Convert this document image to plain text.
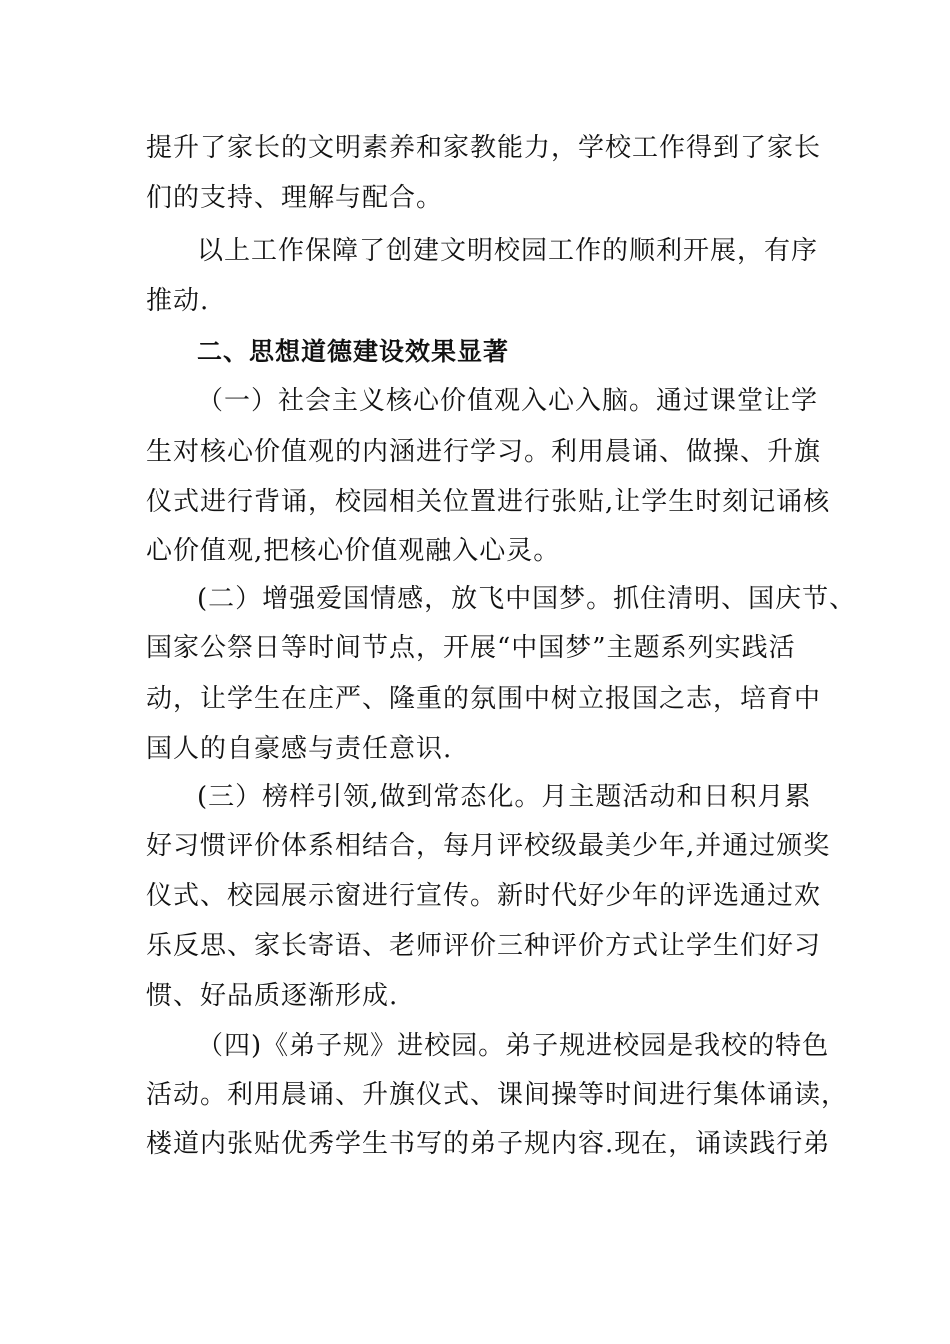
提升了家长的文明素养和家教能力，学校工作得到了家长
们的支持、理解与配合。
以上工作保障了创建文明校园工作的顺利开展，有序
推动.
二、思想道德建设效果显著
（一）社会主义核心价值观入心入脑。通过课堂让学
生对核心价值观的内涵进行学习。利用晨诵、做操、升旗
仪式进行背诵，校园相关位置进行张贴,让学生时刻记诵核
心价值观,把核心价值观融入心灵。
(二）增强爱国情感，放飞中国梦。抓住清明、国庆节、
国家公祭日等时间节点，开展“中国梦”主题系列实践活
动，让学生在庄严、隆重的氛围中树立报国之志，培育中
国人的自豪感与责任意识.
(三）榜样引领,做到常态化。月主题活动和日积月累
好习惯评价体系相结合，每月评校级最美少年,并通过颁奖
仪式、校园展示窗进行宣传。新时代好少年的评选通过欢
乐反思、家长寄语、老师评价三种评价方式让学生们好习
惯、好品质逐渐形成.
（四)《弟子规》进校园。弟子规进校园是我校的特色
活动。利用晨诵、升旗仪式、课间操等时间进行集体诵读，
楼道内张贴优秀学生书写的弟子规内容.现在，诵读践行弟
